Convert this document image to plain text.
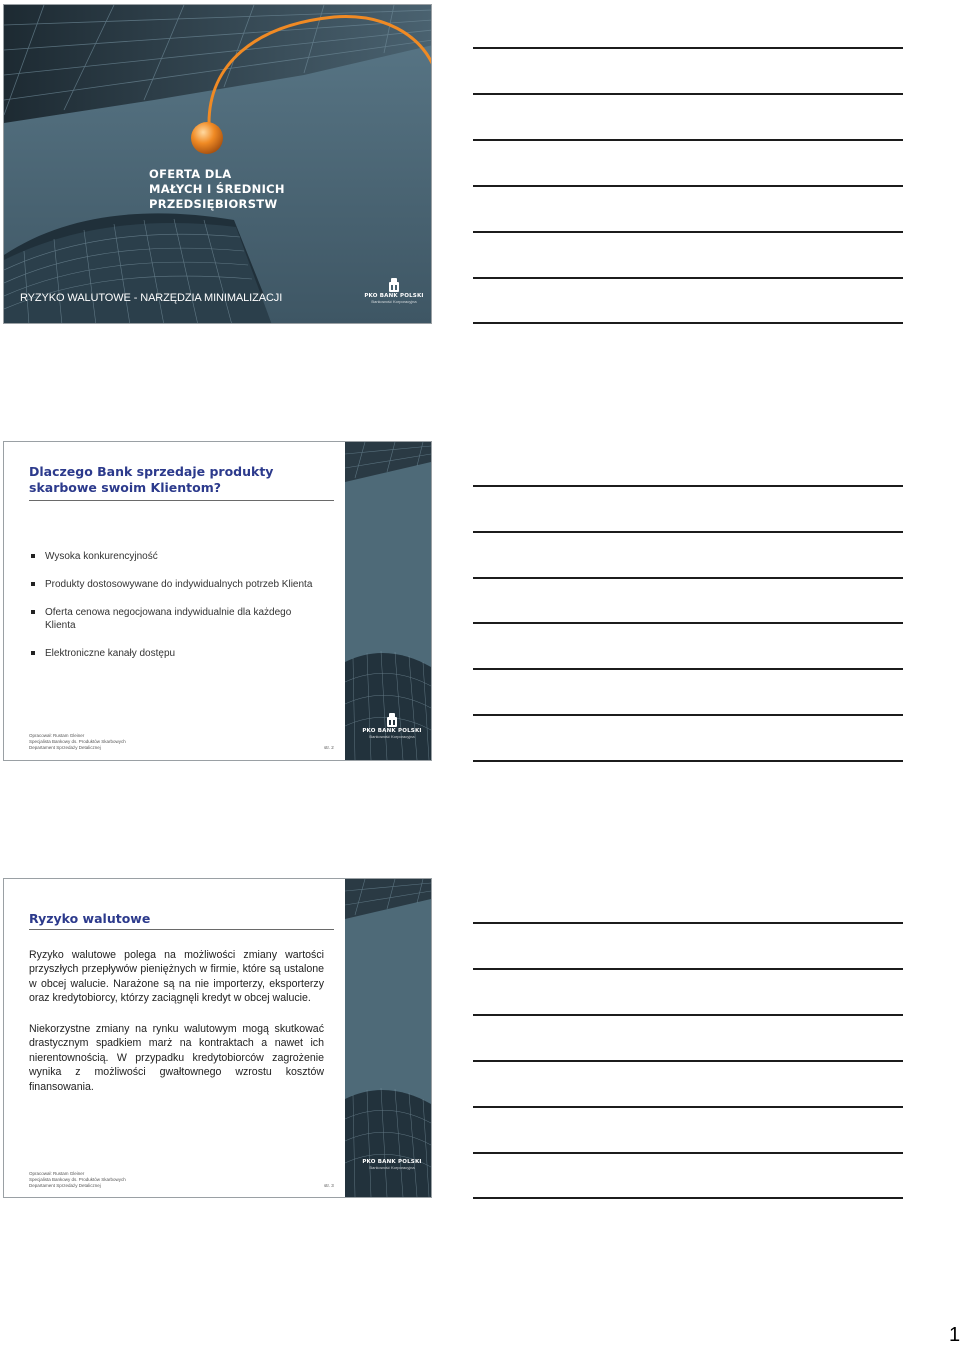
OFERTA DLA
MAŁYCH I ŚREDNICH
PRZEDSIĘBIORSTW
RYZYKO WALUTOWE - NARZĘDZIA MINIMALIZACJI	PKO BANK POLSKI
Bankowość Korporacyjna
Dlaczego Bank sprzedaje produkty
skarbowe swoim Klientom?
Wysoka konkurencyjność
Produkty dostosowywane do indywidualnych potrzeb Klienta
Oferta cenowa negocjowana indywidualnie dla każdego Klienta
Elektroniczne kanały dostępu
Opracował: Rustam Gleiner
Specjalista Bankowy ds. Produktów Skarbowych
Departament Sprzedaży Detalicznej	str. 2
PKO BANK POLSKI
Bankowość Korporacyjna
Ryzyko walutowe

Ryzyko walutowe polega na możliwości zmiany wartości przyszłych przepływów pieniężnych w firmie, które są ustalone w obcej walucie. Narażone są na nie importerzy, eksporterzy oraz kredytobiorcy, którzy zaciągnęli kredyt w obcej walucie.

Niekorzystne zmiany na rynku walutowym mogą skutkować drastycznym spadkiem marż na kontraktach a nawet ich nierentownością. W przypadku kredytobiorców zagrożenie wynika z możliwości gwałtownego wzrostu kosztów finansowania.

Opracował: Rustam Gleiner
Specjalista Bankowy ds. Produktów Skarbowych
Departament Sprzedaży Detalicznej	str. 3
PKO BANK POLSKI
Bankowość Korporacyjna
1
